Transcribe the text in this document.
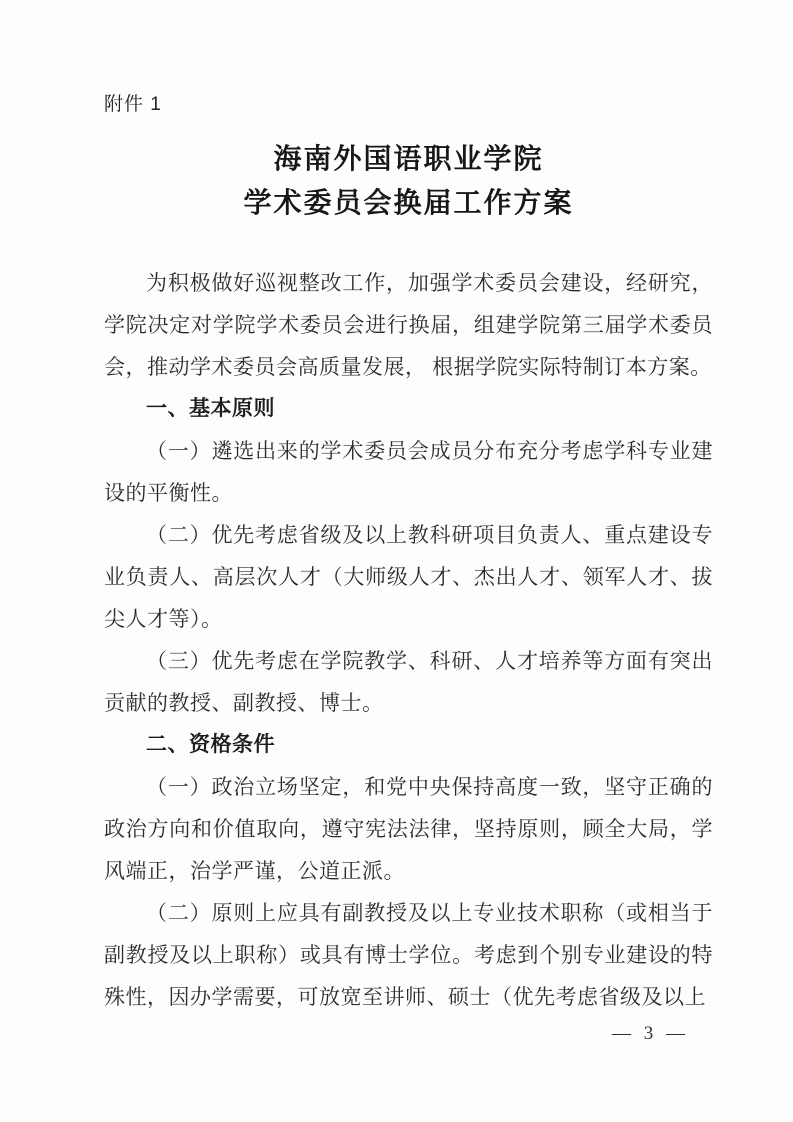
附件 1
海南外国语职业学院
学术委员会换届工作方案
为积极做好巡视整改工作，加强学术委员会建设，经研究，学院决定对学院学术委员会进行换届，组建学院第三届学术委员会，推动学术委员会高质量发展， 根据学院实际特制订本方案。
一、基本原则
（一）遴选出来的学术委员会成员分布充分考虑学科专业建设的平衡性。
（二）优先考虑省级及以上教科研项目负责人、重点建设专业负责人、高层次人才（大师级人才、杰出人才、领军人才、拔尖人才等）。
（三）优先考虑在学院教学、科研、人才培养等方面有突出贡献的教授、副教授、博士。
二、资格条件
（一）政治立场坚定，和党中央保持高度一致，坚守正确的政治方向和价值取向，遵守宪法法律，坚持原则，顾全大局，学风端正，治学严谨，公道正派。
（二）原则上应具有副教授及以上专业技术职称（或相当于副教授及以上职称）或具有博士学位。考虑到个别专业建设的特殊性，因办学需要，可放宽至讲师、硕士（优先考虑省级及以上
— 3 —
